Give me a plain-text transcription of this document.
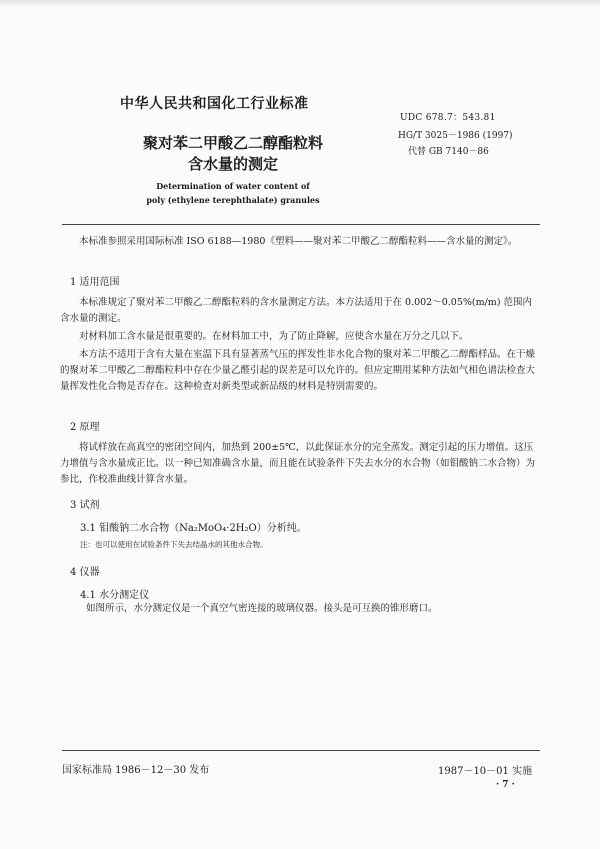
中华人民共和国化工行业标准
UDC 678.7：543.81
HG/T 3025－1986 (1997)
代替 GB 7140－86
聚对苯二甲酸乙二醇酯粒料
含水量的测定
Determination of water content of
poly (ethylene terephthalate) granules
本标准参照采用国际标准 ISO 6188—1980《塑料——聚对苯二甲酸乙二醇酯粒料——含水量的测定》。
1 适用范围
本标准规定了聚对苯二甲酸乙二醇酯粒料的含水量测定方法。本方法适用于在 0.002～0.05%(m/m) 范围内含水量的测定。
对材料加工含水量是很重要的。在材料加工中，为了防止降解，应使含水量在万分之几以下。
本方法不适用于含有大量在室温下具有显著蒸气压的挥发性非水化合物的聚对苯二甲酸乙二醇酯样品。在干燥的聚对苯二甲酸乙二醇酯粒料中存在少量乙醛引起的误差是可以允许的。但应定期用某种方法如气相色谱法检查大量挥发性化合物是否存在。这种检查对新类型或新品级的材料是特别需要的。
2 原理
将试样放在高真空的密闭空间内，加热到 200±5℃，以此保证水分的完全蒸发。测定引起的压力增值。这压力增值与含水量成正比。以一种已知准确含水量，而且能在试验条件下失去水分的水合物（如钼酸钠二水合物）为参比，作校准曲线计算含水量。
3 试剂
3.1 钼酸钠二水合物（Na₂MoO₄·2H₂O）分析纯。
注：也可以使用在试验条件下失去结晶水的其他水合物。
4 仪器
4.1 水分测定仪
如图所示，水分测定仪是一个真空气密连接的玻璃仪器。接头是可互换的锥形磨口。
国家标准局 1986－12－30 发布	1987－10－01 实施
· 7 ·
